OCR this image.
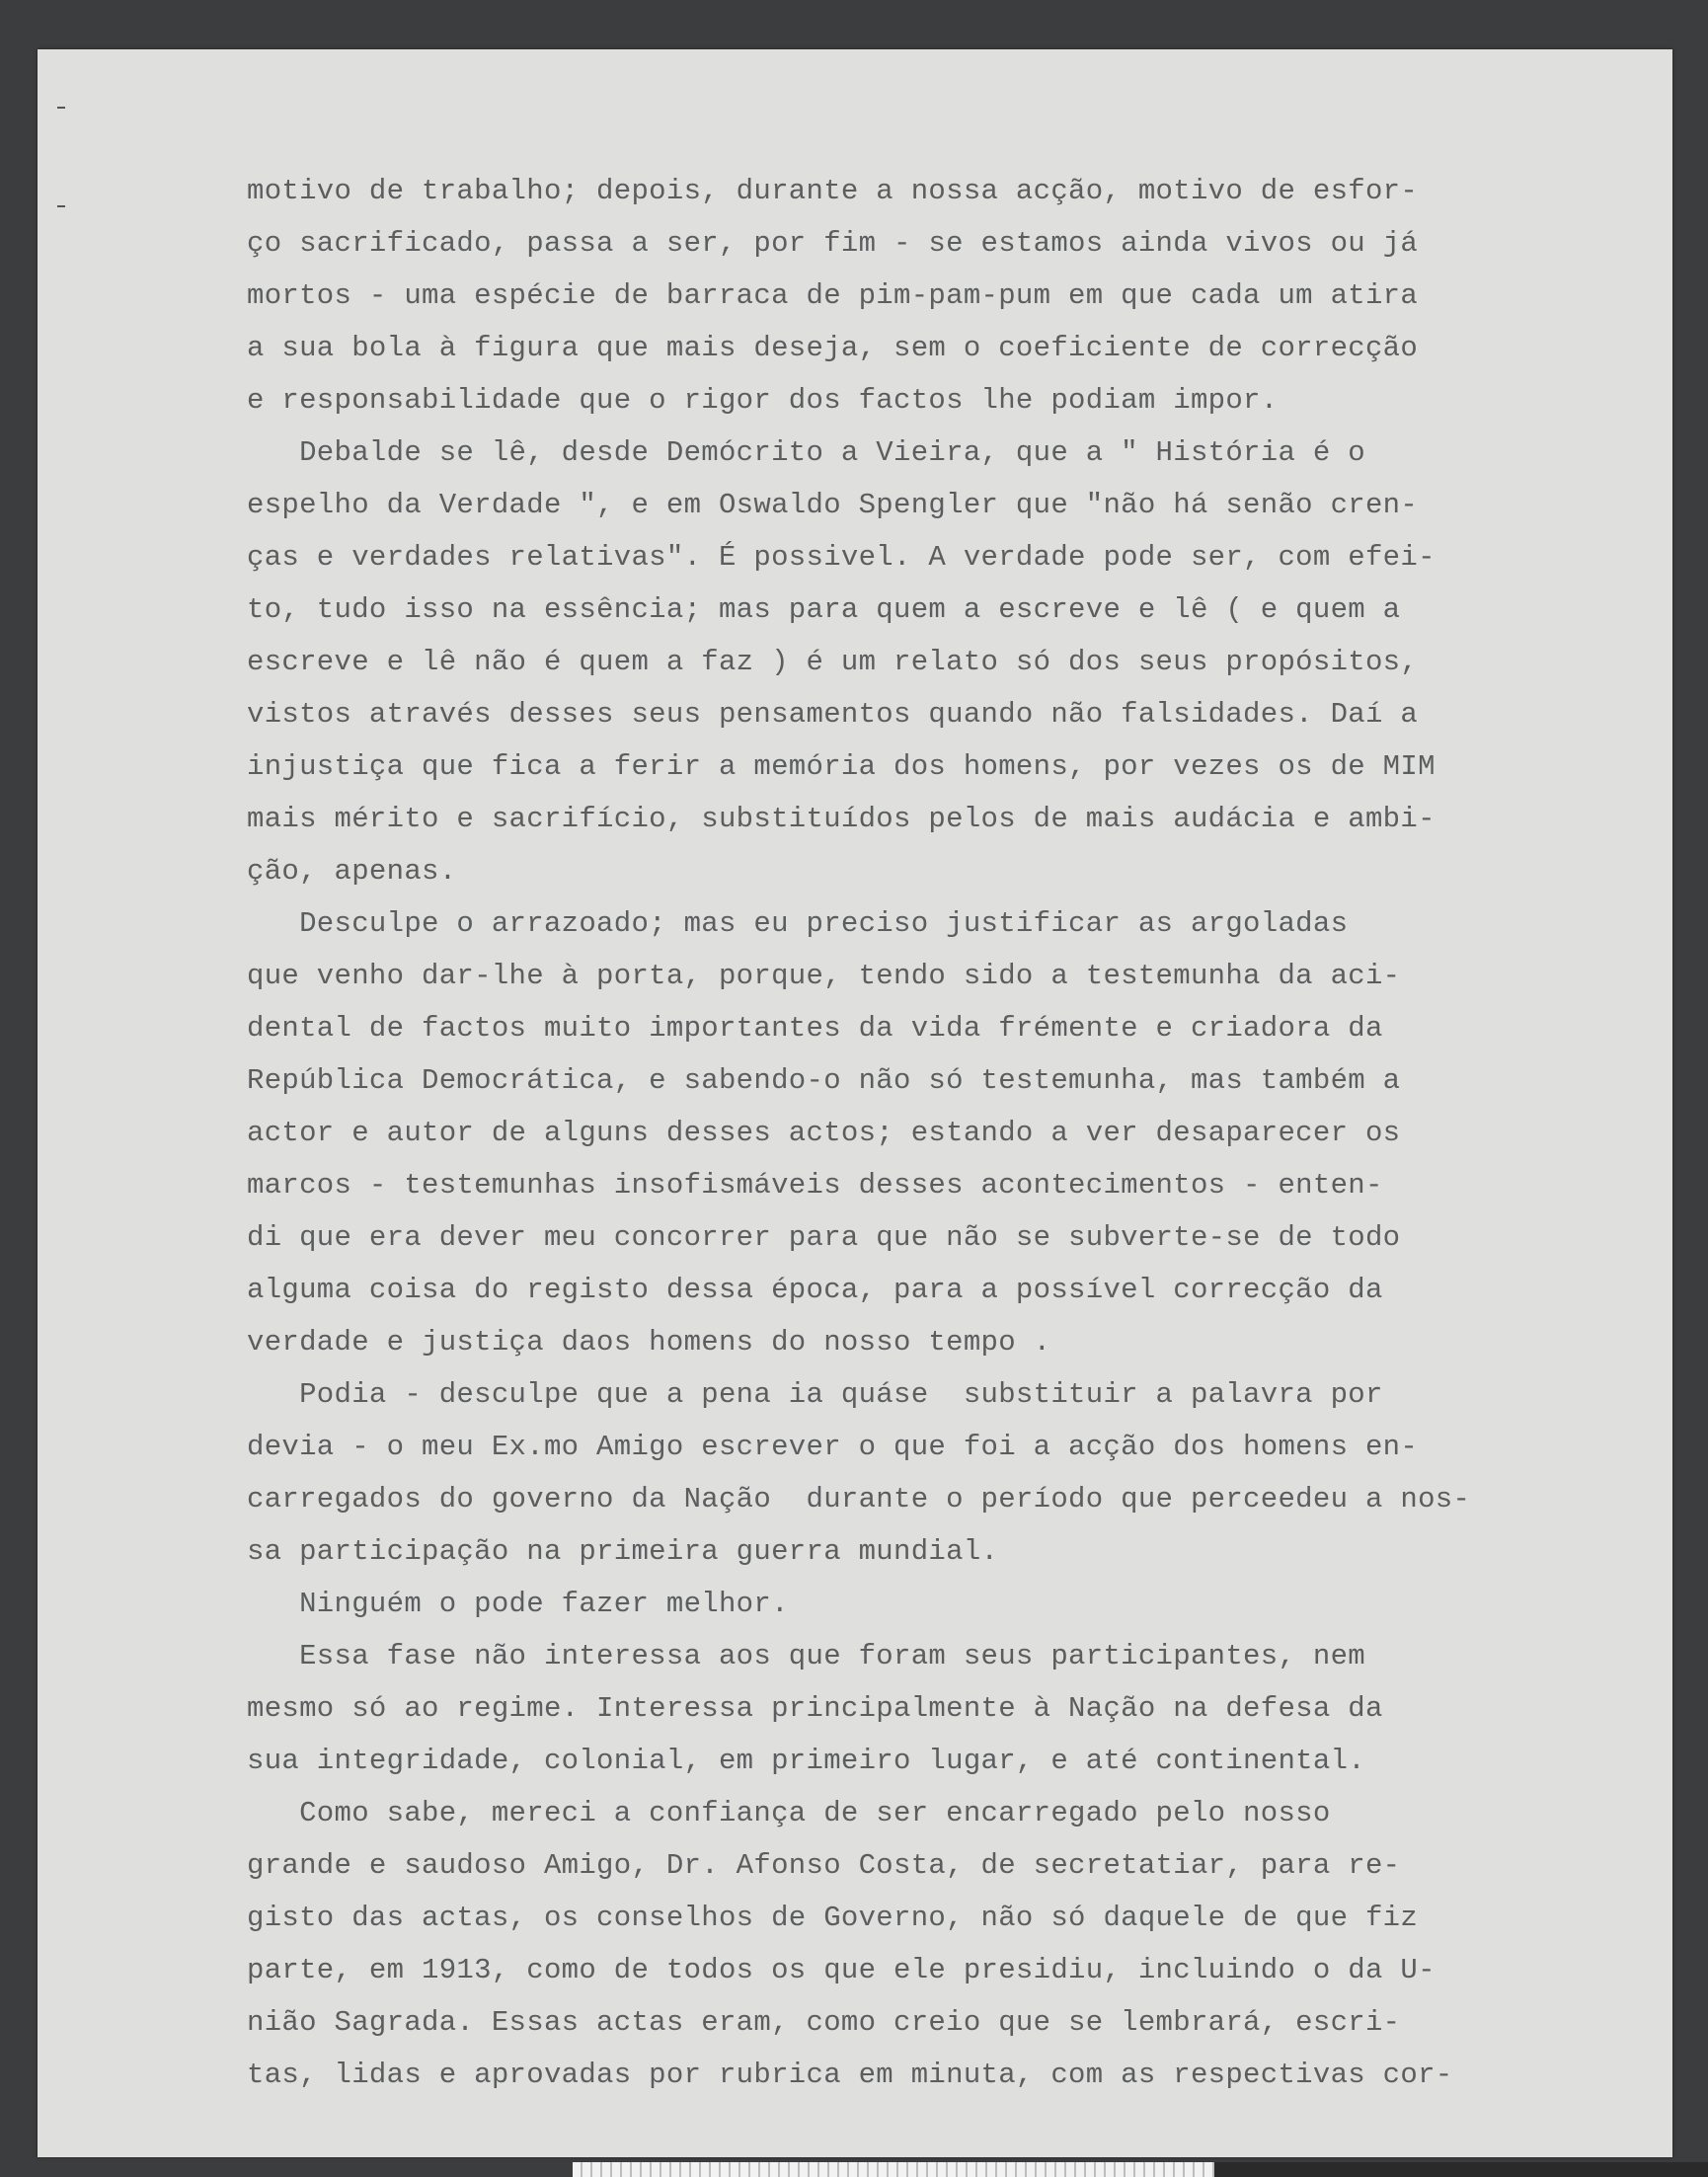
motivo de trabalho; depois, durante a nossa acção, motivo de esfor-
ço sacrificado, passa a ser, por fim - se estamos ainda vivos ou já
mortos - uma espécie de barraca de pim-pam-pum em que cada um atira
a sua bola à figura que mais deseja, sem o coeficiente de correcção
e responsabilidade que o rigor dos factos lhe podiam impor.
Debalde se lê, desde Demócrito a Vieira, que a " História é o
espelho da Verdade ", e em Oswaldo Spengler que "não há senão cren-
ças e verdades relativas". É possivel. A verdade pode ser, com efei-
to, tudo isso na essência; mas para quem a escreve e lê ( e quem a
escreve e lê não é quem a faz ) é um relato só dos seus propósitos,
vistos através desses seus pensamentos quando não falsidades. Daí a
injustiça que fica a ferir a memória dos homens, por vezes os de MIM
mais mérito e sacrifício, substituídos pelos de mais audácia e ambi-
ção, apenas.
Desculpe o arrazoado; mas eu preciso justificar as argoladas
que venho dar-lhe à porta, porque, tendo sido a testemunha da aci-
dental de factos muito importantes da vida frémente e criadora da
República Democrática, e sabendo-o não só testemunha, mas também a
actor e autor de alguns desses actos; estando a ver desaparecer os
marcos - testemunhas insofismáveis desses acontecimentos - enten-
di que era dever meu concorrer para que não se subverte-se de todo
alguma coisa do registo dessa época, para a possível correcção da
verdade e justiça daos homens do nosso tempo .
Podia - desculpe que a pena ia quáse  substituir a palavra por
devia - o meu Ex.mo Amigo escrever o que foi a acção dos homens en-
carregados do governo da Nação  durante o período que perceedeu a nos-
sa participação na primeira guerra mundial.
Ninguém o pode fazer melhor.
Essa fase não interessa aos que foram seus participantes, nem
mesmo só ao regime. Interessa principalmente à Nação na defesa da
sua integridade, colonial, em primeiro lugar, e até continental.
Como sabe, mereci a confiança de ser encarregado pelo nosso
grande e saudoso Amigo, Dr. Afonso Costa, de secretatiar, para re-
gisto das actas, os conselhos de Governo, não só daquele de que fiz
parte, em 1913, como de todos os que ele presidiu, incluindo o da U-
nião Sagrada. Essas actas eram, como creio que se lembrará, escri-
tas, lidas e aprovadas por rubrica em minuta, com as respectivas cor-
